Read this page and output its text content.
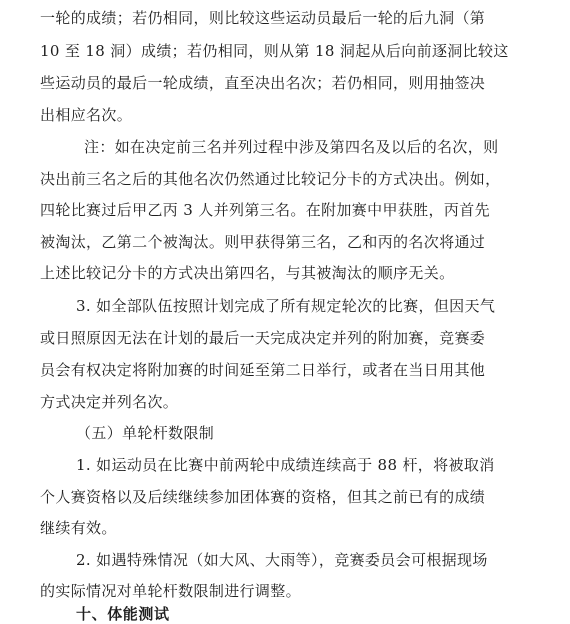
一轮的成绩；若仍相同，则比较这些运动员最后一轮的后九洞（第
10 至 18 洞）成绩；若仍相同，则从第 18 洞起从后向前逐洞比较这
些运动员的最后一轮成绩，直至决出名次；若仍相同，则用抽签决
出相应名次。
注：如在决定前三名并列过程中涉及第四名及以后的名次，则
决出前三名之后的其他名次仍然通过比较记分卡的方式决出。例如，
四轮比赛过后甲乙丙 3 人并列第三名。在附加赛中甲获胜，丙首先
被淘汰，乙第二个被淘汰。则甲获得第三名，乙和丙的名次将通过
上述比较记分卡的方式决出第四名，与其被淘汰的顺序无关。
3. 如全部队伍按照计划完成了所有规定轮次的比赛，但因天气
或日照原因无法在计划的最后一天完成决定并列的附加赛，竞赛委
员会有权决定将附加赛的时间延至第二日举行，或者在当日用其他
方式决定并列名次。
（五）单轮杆数限制
1. 如运动员在比赛中前两轮中成绩连续高于 88 杆，将被取消
个人赛资格以及后续继续参加团体赛的资格，但其之前已有的成绩
继续有效。
2. 如遇特殊情况（如大风、大雨等），竞赛委员会可根据现场
的实际情况对单轮杆数限制进行调整。
十、体能测试
